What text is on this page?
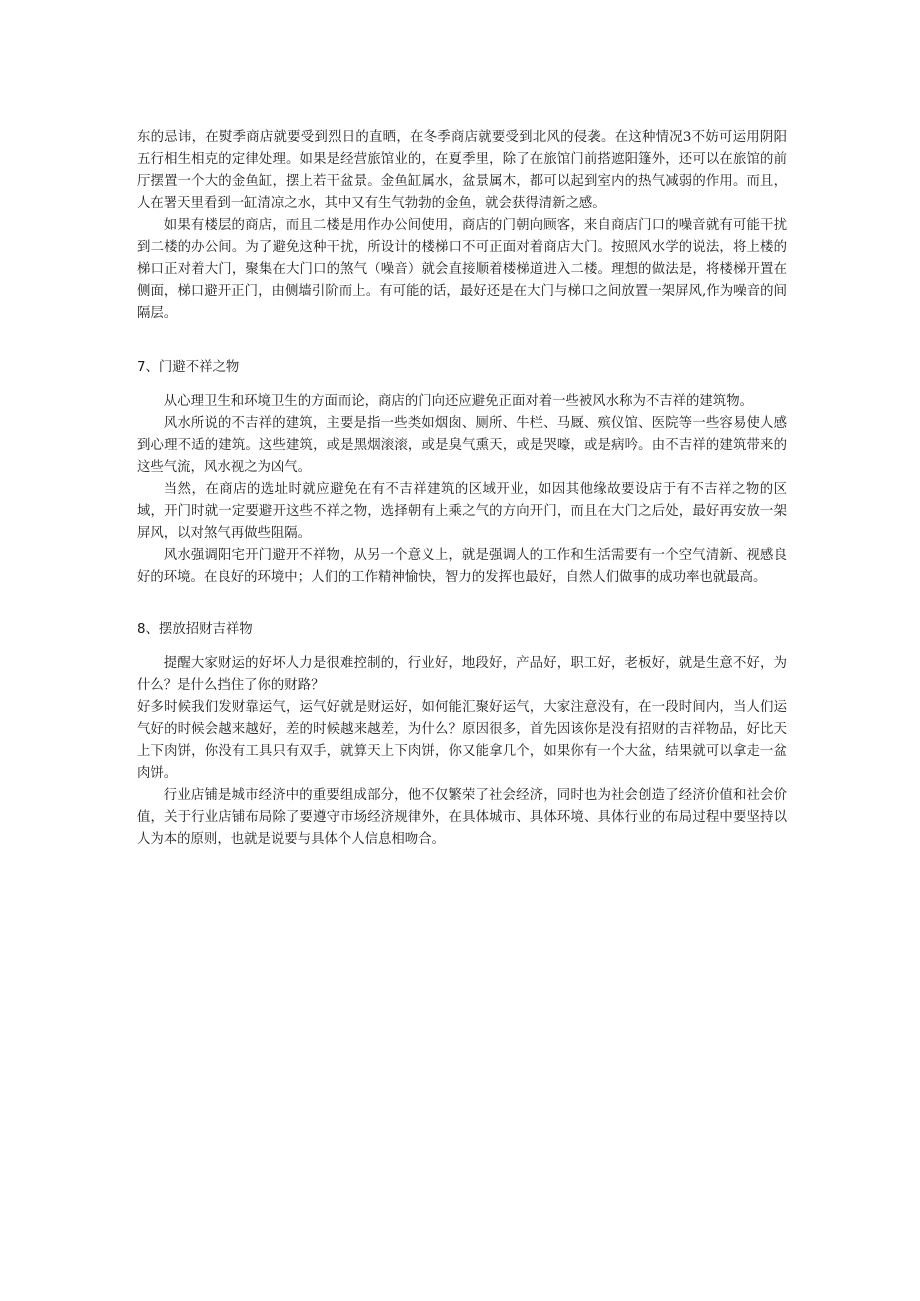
东的忌讳，在熨季商店就要受到烈日的直晒，在冬季商店就要受到北风的侵袭。在这种情况3不妨可运用阴阳五行相生相克的定律处理。如果是经营旅馆业的，在夏季里，除了在旅馆门前搭遮阳篷外，还可以在旅馆的前厅摆置一个大的金鱼缸，摆上若干盆景。金鱼缸属水，盆景属木，都可以起到室内的热气减弱的作用。而且，人在署天里看到一缸清凉之水，其中又有生气勃勃的金鱼，就会获得清新之感。

如果有楼层的商店，而且二楼是用作办公间使用，商店的门朝向顾客，来自商店门口的噪音就有可能干扰到二楼的办公间。为了避免这种干扰，所设计的楼梯口不可正面对着商店大门。按照风水学的说法，将上楼的梯口正对着大门，聚集在大门口的煞气（噪音）就会直接顺着楼梯道进入二楼。理想的做法是，将楼梯开置在侧面，梯口避开正门，由侧墙引阶而上。有可能的话，最好还是在大门与梯口之间放置一架屏风,作为噪音的间隔层。

7、门避不祥之物

从心理卫生和环境卫生的方面而论，商店的门向还应避免正面对着一些被风水称为不吉祥的建筑物。

风水所说的不吉祥的建筑，主要是指一些类如烟囱、厕所、牛栏、马厩、殡仪馆、医院等一些容易使人感到心理不适的建筑。这些建筑，或是黑烟滚滚，或是臭气熏天，或是哭嚎，或是病吟。由不吉祥的建筑带来的这些气流，风水视之为凶气。

当然，在商店的选址时就应避免在有不吉祥建筑的区域开业，如因其他缘故要设店于有不吉祥之物的区域，开门时就一定要避开这些不祥之物，选择朝有上乘之气的方向开门，而且在大门之后处，最好再安放一架屏风，以对煞气再做些阻隔。

风水强调阳宅开门避开不祥物，从另一个意义上，就是强调人的工作和生活需要有一个空气清新、视感良好的环境。在良好的环境中；人们的工作精神愉快，智力的发挥也最好，自然人们做事的成功率也就最高。

8、摆放招财吉祥物

提醒大家财运的好坏人力是很难控制的，行业好，地段好，产品好，职工好，老板好，就是生意不好，为什么？是什么挡住了你的财路？

好多时候我们发财靠运气，运气好就是财运好，如何能汇聚好运气，大家注意没有，在一段时间内，当人们运气好的时候会越来越好，差的时候越来越差，为什么？原因很多，首先因该你是没有招财的吉祥物品，好比天上下肉饼，你没有工具只有双手，就算天上下肉饼，你又能拿几个，如果你有一个大盆，结果就可以拿走一盆肉饼。

行业店铺是城市经济中的重要组成部分，他不仅繁荣了社会经济，同时也为社会创造了经济价值和社会价值，关于行业店铺布局除了要遵守市场经济规律外，在具体城市、具体环境、具体行业的布局过程中要坚持以人为本的原则，也就是说要与具体个人信息相吻合。
